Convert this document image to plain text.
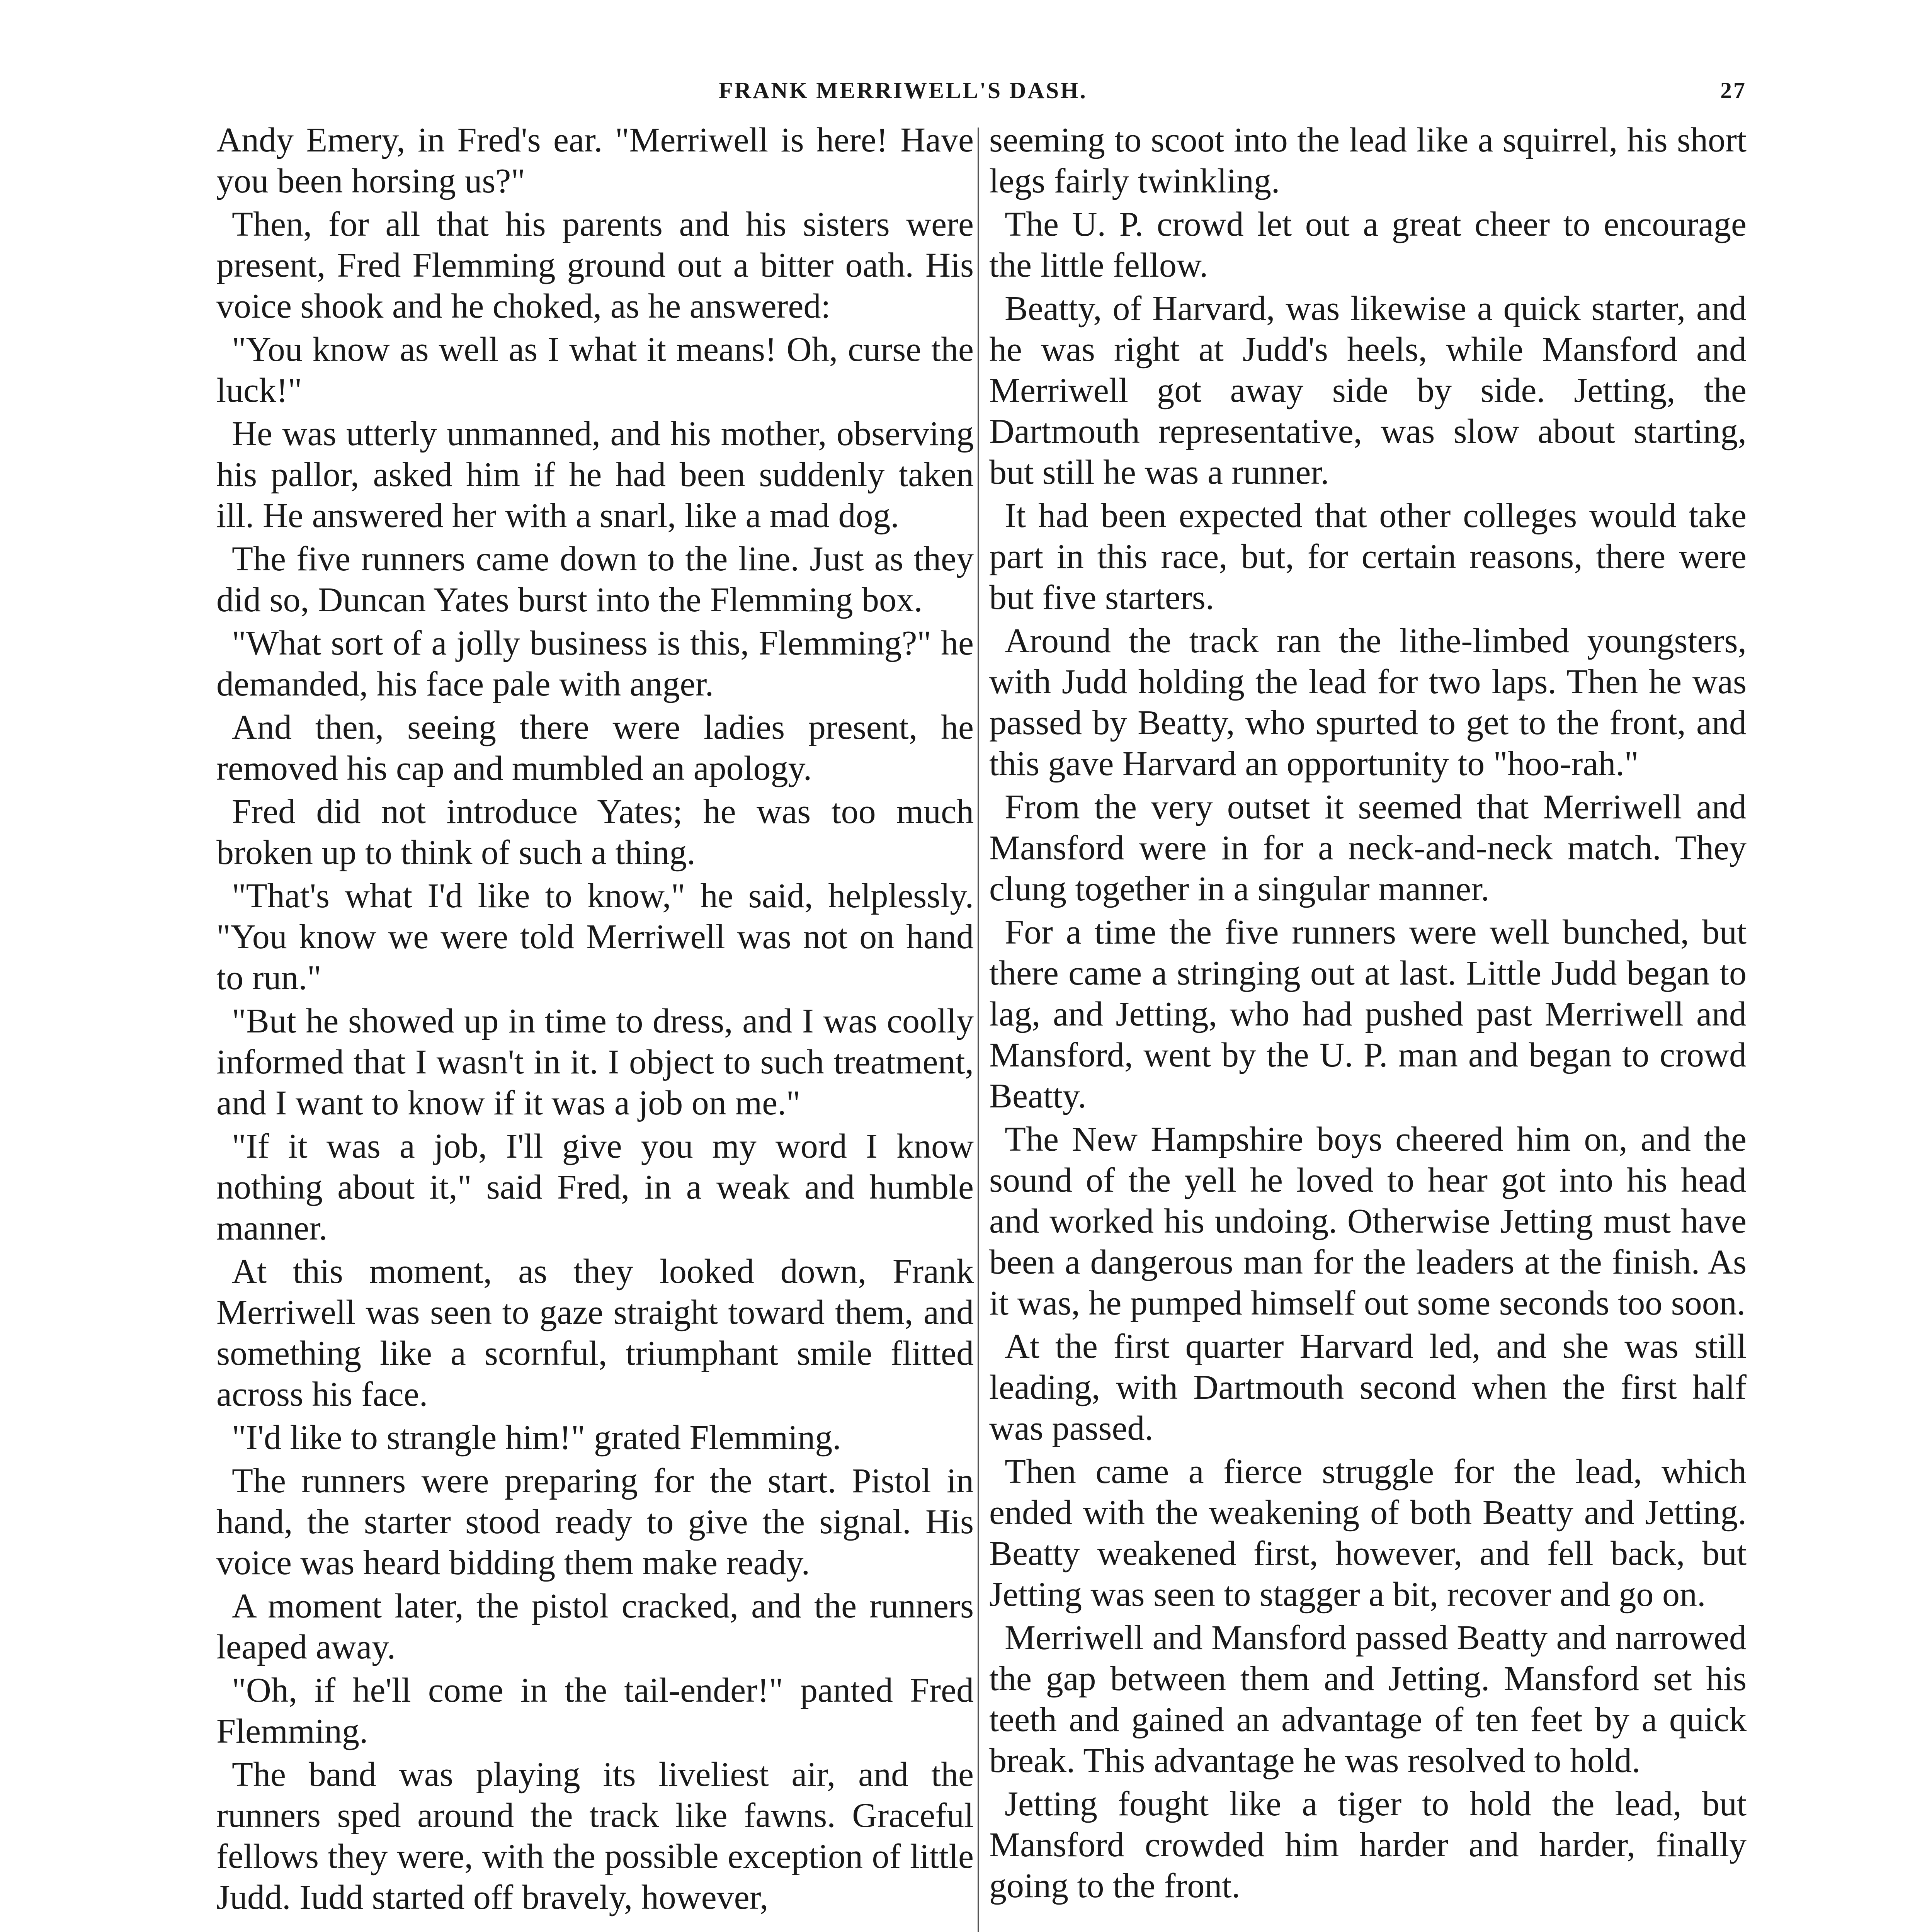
FRANK MERRIWELL'S DASH.	27

Andy Emery, in Fred's ear. "Merriwell is here! Have you been horsing us?"

Then, for all that his parents and his sisters were present, Fred Flemming ground out a bitter oath. His voice shook and he choked, as he answered:

"You know as well as I what it means! Oh, curse the luck!"

He was utterly unmanned, and his mother, observing his pallor, asked him if he had been suddenly taken ill. He answered her with a snarl, like a mad dog.

The five runners came down to the line. Just as they did so, Duncan Yates burst into the Flemming box.

"What sort of a jolly business is this, Flemming?" he demanded, his face pale with anger.

And then, seeing there were ladies present, he removed his cap and mumbled an apology.

Fred did not introduce Yates; he was too much broken up to think of such a thing.

"That's what I'd like to know," he said, helplessly. "You know we were told Merriwell was not on hand to run."

"But he showed up in time to dress, and I was coolly informed that I wasn't in it. I object to such treatment, and I want to know if it was a job on me."

"If it was a job, I'll give you my word I know nothing about it," said Fred, in a weak and humble manner.

At this moment, as they looked down, Frank Merriwell was seen to gaze straight toward them, and something like a scornful, triumphant smile flitted across his face.

"I'd like to strangle him!" grated Flemming.

The runners were preparing for the start. Pistol in hand, the starter stood ready to give the signal. His voice was heard bidding them make ready.

A moment later, the pistol cracked, and the runners leaped away.

"Oh, if he'll come in the tail-ender!" panted Fred Flemming.

The band was playing its liveliest air, and the runners sped around the track like fawns. Graceful fellows they were, with the possible exception of little Judd. Iudd started off bravely, however,

seeming to scoot into the lead like a squirrel, his short legs fairly twinkling.

The U. P. crowd let out a great cheer to encourage the little fellow.

Beatty, of Harvard, was likewise a quick starter, and he was right at Judd's heels, while Mansford and Merriwell got away side by side. Jetting, the Dartmouth representative, was slow about starting, but still he was a runner.

It had been expected that other colleges would take part in this race, but, for certain reasons, there were but five starters.

Around the track ran the lithe-limbed youngsters, with Judd holding the lead for two laps. Then he was passed by Beatty, who spurted to get to the front, and this gave Harvard an opportunity to "hoo-rah."

From the very outset it seemed that Merriwell and Mansford were in for a neck-and-neck match. They clung together in a singular manner.

For a time the five runners were well bunched, but there came a stringing out at last. Little Judd began to lag, and Jetting, who had pushed past Merriwell and Mansford, went by the U. P. man and began to crowd Beatty.

The New Hampshire boys cheered him on, and the sound of the yell he loved to hear got into his head and worked his undoing. Otherwise Jetting must have been a dangerous man for the leaders at the finish. As it was, he pumped himself out some seconds too soon.

At the first quarter Harvard led, and she was still leading, with Dartmouth second when the first half was passed.

Then came a fierce struggle for the lead, which ended with the weakening of both Beatty and Jetting. Beatty weakened first, however, and fell back, but Jetting was seen to stagger a bit, recover and go on.

Merriwell and Mansford passed Beatty and narrowed the gap between them and Jetting. Mansford set his teeth and gained an advantage of ten feet by a quick break. This advantage he was resolved to hold.

Jetting fought like a tiger to hold the lead, but Mansford crowded him harder and harder, finally going to the front.
